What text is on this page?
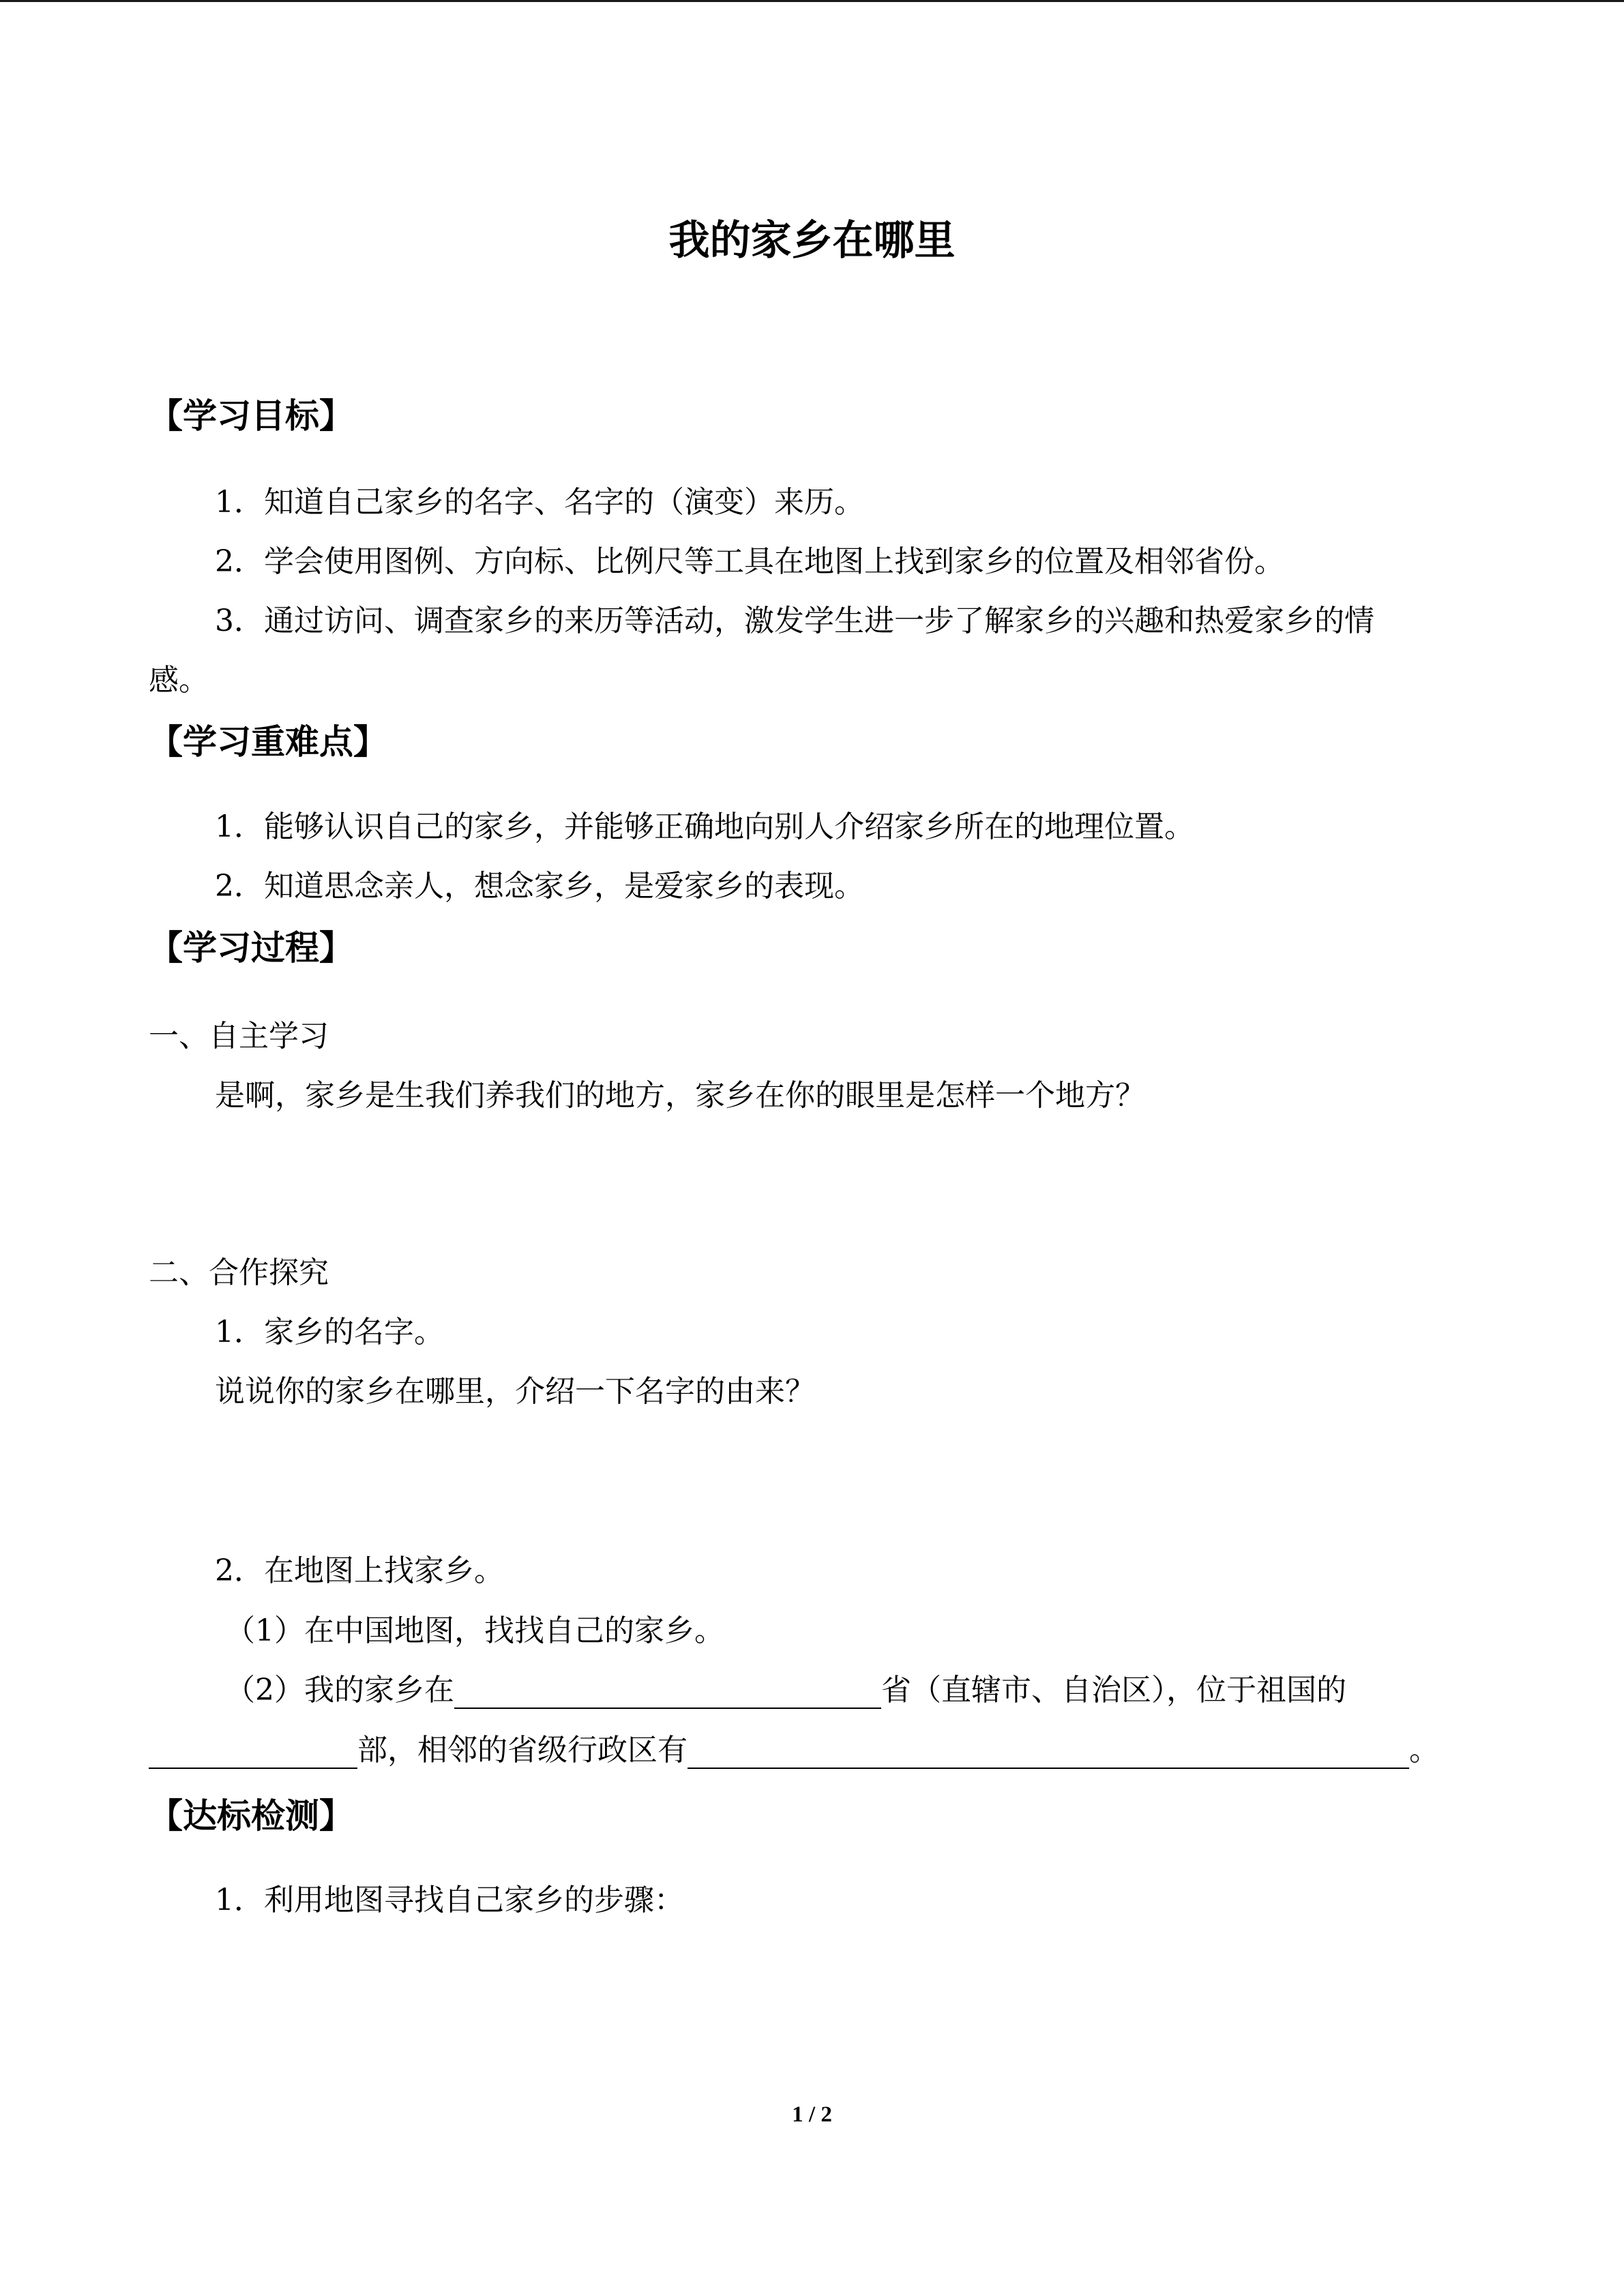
我的家乡在哪里
【学习目标】
1．知道自己家乡的名字、名字的（演变）来历。
2．学会使用图例、方向标、比例尺等工具在地图上找到家乡的位置及相邻省份。
3．通过访问、调查家乡的来历等活动，激发学生进一步了解家乡的兴趣和热爱家乡的情
感。
【学习重难点】
1．能够认识自己的家乡，并能够正确地向别人介绍家乡所在的地理位置。
2．知道思念亲人，想念家乡，是爱家乡的表现。
【学习过程】
一、自主学习
是啊，家乡是生我们养我们的地方，家乡在你的眼里是怎样一个地方？
二、合作探究
1．家乡的名字。
说说你的家乡在哪里，介绍一下名字的由来？
2．在地图上找家乡。
（1）在中国地图，找找自己的家乡。
（2）我的家乡在	省（直辖市、自治区），位于祖国的
部，相邻的省级行政区有	。
【达标检测】
1．利用地图寻找自己家乡的步骤：
1 / 2
